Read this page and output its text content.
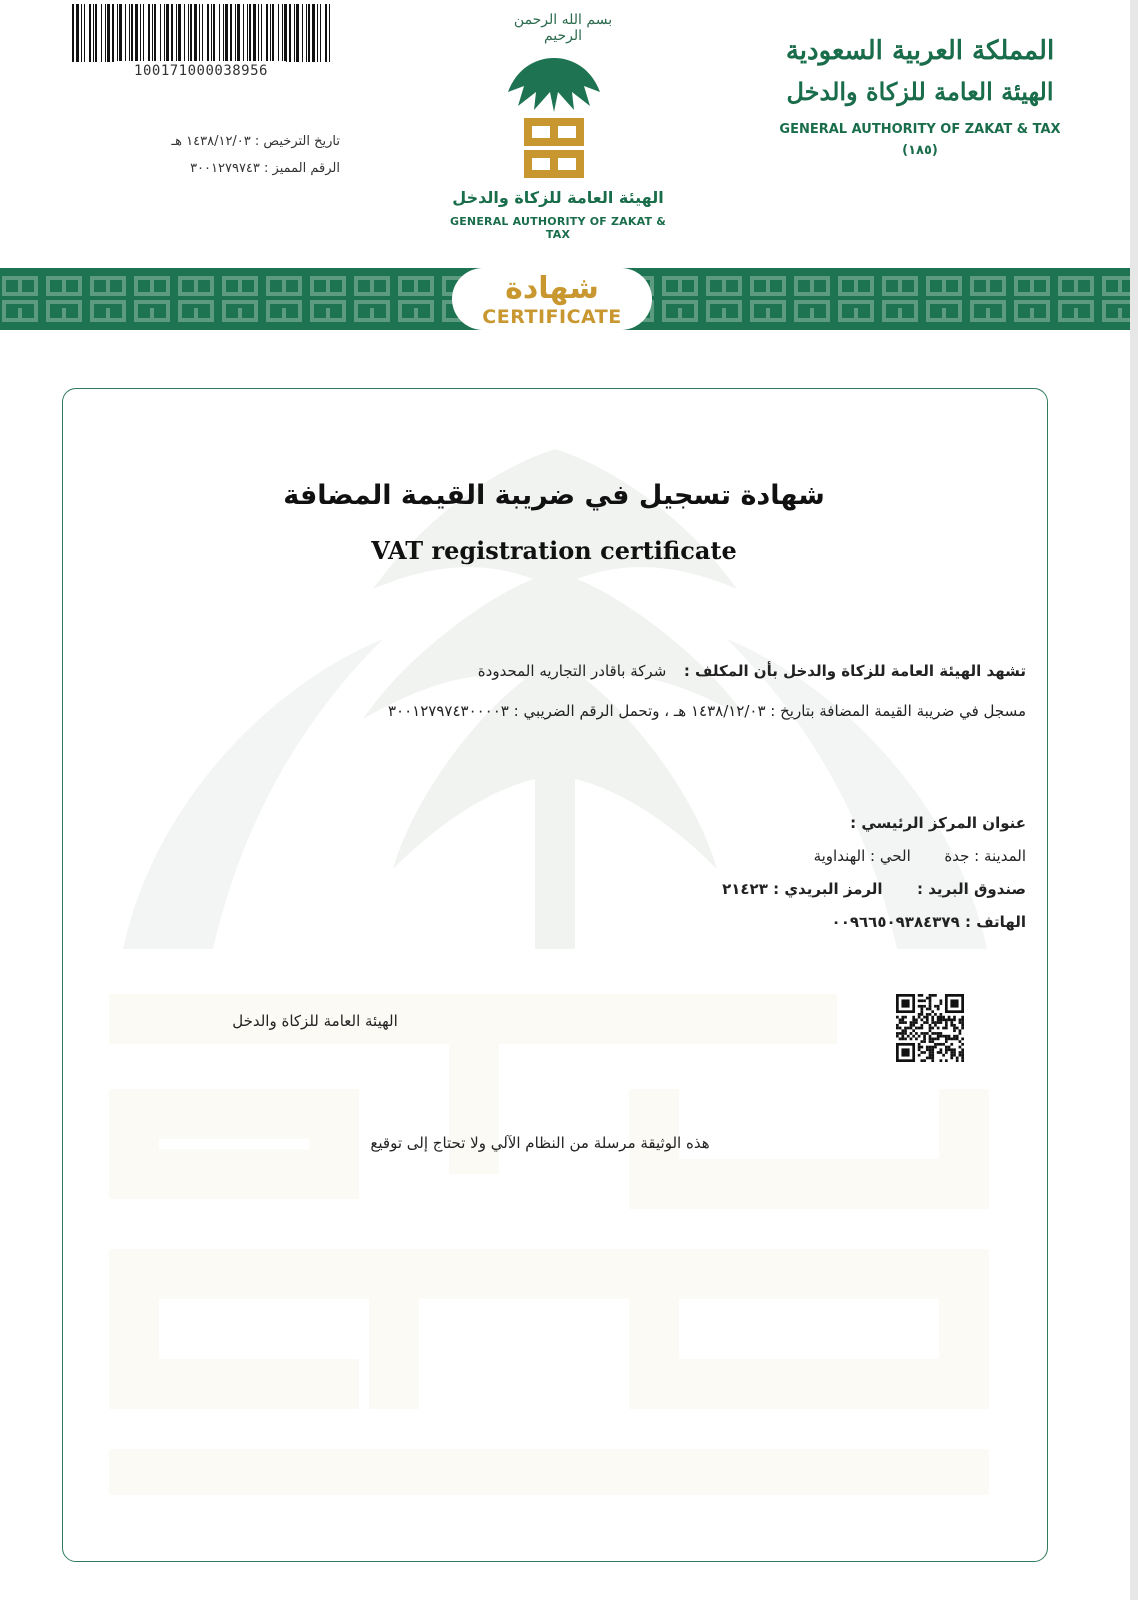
100171000038956
تاريخ الترخيص : ١٤٣٨/١٢/٠٣ هـ
الرقم المميز : ٣٠٠١٢٧٩٧٤٣
بسم الله الرحمن الرحيم
الهيئة العامة للزكاة والدخل
GENERAL AUTHORITY OF ZAKAT & TAX
المملكة العربية السعودية
الهيئة العامة للزكاة والدخل
GENERAL AUTHORITY OF ZAKAT & TAX
(١٨٥)
شهادة
CERTIFICATE
شهادة تسجيل في ضريبة القيمة المضافة
VAT registration certificate
تشهد الهيئة العامة للزكاة والدخل بأن المكلف :  شركة باقادر التجاريه المحدودة
مسجل في ضريبة القيمة المضافة بتاريخ : ١٤٣٨/١٢/٠٣ هـ ، وتحمل الرقم الضريبي : ٣٠٠١٢٧٩٧٤٣٠٠٠٠٣
عنوان المركز الرئيسي :
المدينة : جدة  الحي : الهنداوية
صندوق البريد :  الرمز البريدي : ٢١٤٢٣
الهاتف : ٠٠٩٦٦٥٠٩٣٨٤٣٧٩
الهيئة العامة للزكاة والدخل
هذه الوثيقة مرسلة من النظام الآلي ولا تحتاج إلى توقيع
